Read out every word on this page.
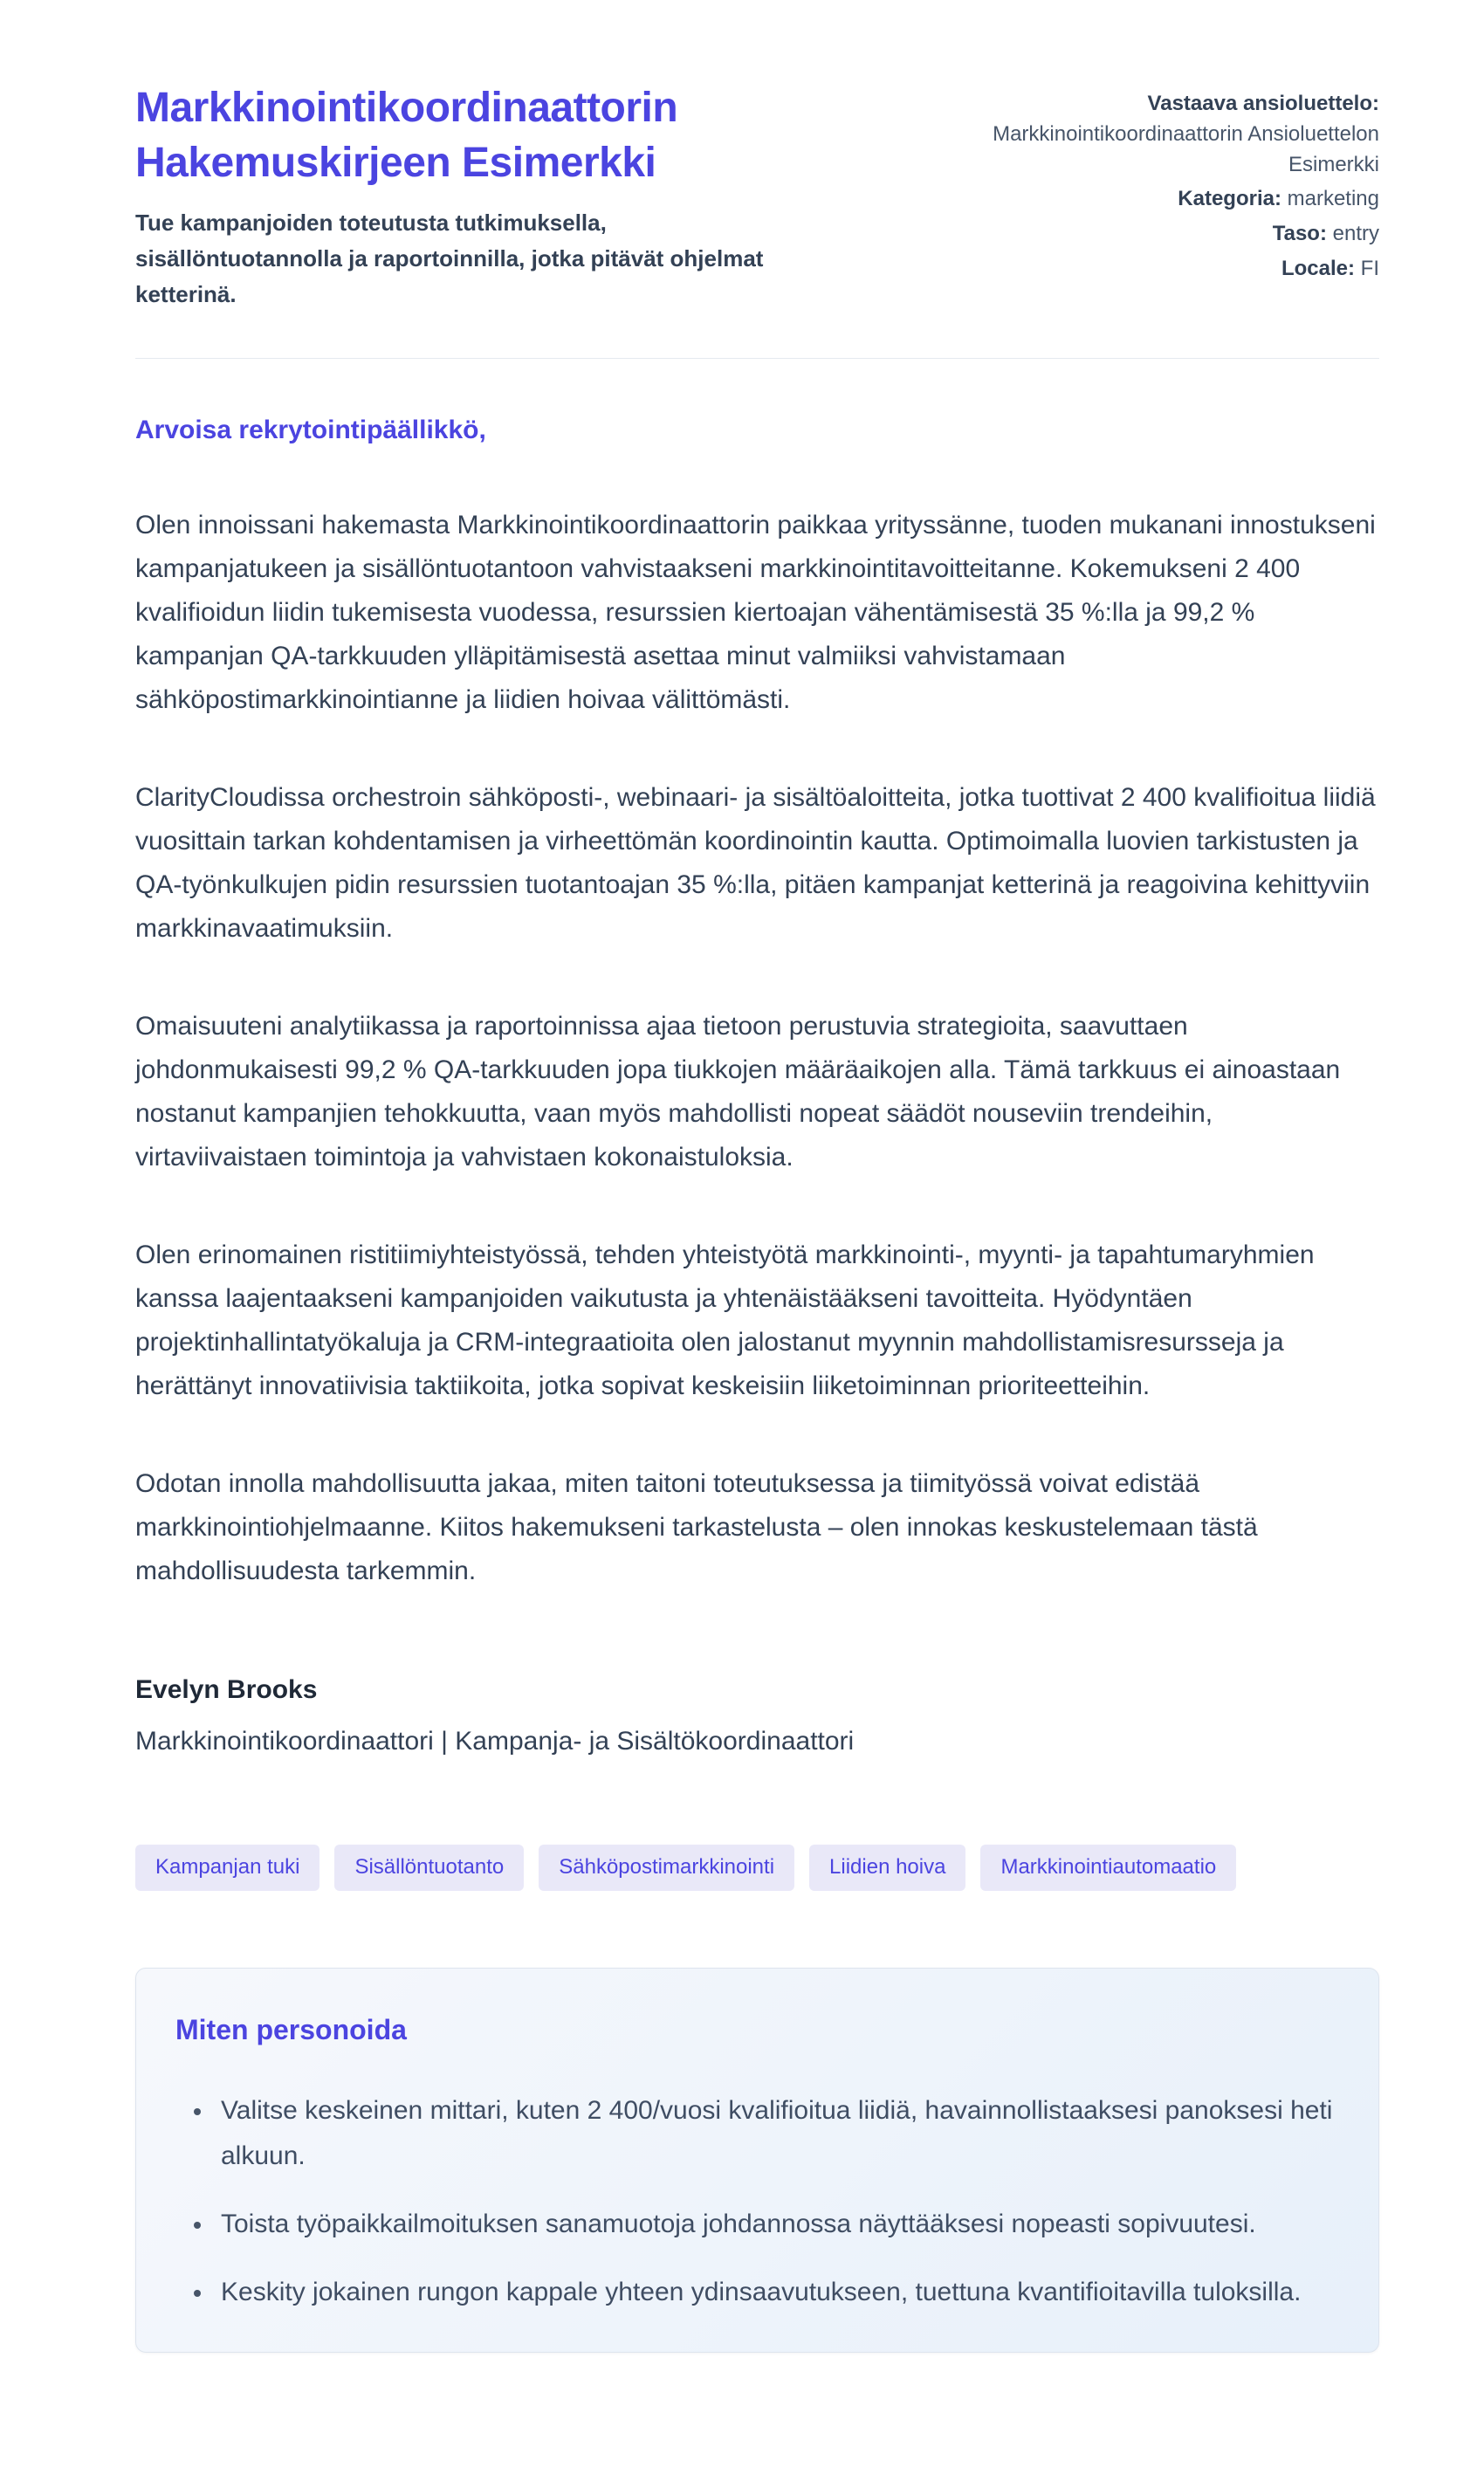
Markkinointikoordinaattorin Hakemuskirjeen Esimerkki

Tue kampanjoiden toteutusta tutkimuksella, sisällöntuotannolla ja raportoinnilla, jotka pitävät ohjelmat ketterinä.

Vastaava ansioluettelo: Markkinointikoordinaattorin Ansioluettelon Esimerkki
Kategoria: marketing
Taso: entry
Locale: FI

Arvoisa rekrytointipäällikkö,

Olen innoissani hakemasta Markkinointikoordinaattorin paikkaa yrityssänne, tuoden mukanani innostukseni kampanjatukeen ja sisällöntuotantoon vahvistaakseni markkinointitavoitteitanne. Kokemukseni 2 400 kvalifioidun liidin tukemisesta vuodessa, resurssien kiertoajan vähentämisestä 35 %:lla ja 99,2 % kampanjan QA-tarkkuuden ylläpitämisestä asettaa minut valmiiksi vahvistamaan sähköpostimarkkinointianne ja liidien hoivaa välittömästi.

ClarityCloudissa orchestroin sähköposti-, webinaari- ja sisältöaloitteita, jotka tuottivat 2 400 kvalifioitua liidiä vuosittain tarkan kohdentamisen ja virheettömän koordinointin kautta. Optimoimalla luovien tarkistusten ja QA-työnkulkujen pidin resurssien tuotantoajan 35 %:lla, pitäen kampanjat ketterinä ja reagoivina kehittyviin markkinavaatimuksiin.

Omaisuuteni analytiikassa ja raportoinnissa ajaa tietoon perustuvia strategioita, saavuttaen johdonmukaisesti 99,2 % QA-tarkkuuden jopa tiukkojen määräaikojen alla. Tämä tarkkuus ei ainoastaan nostanut kampanjien tehokkuutta, vaan myös mahdollisti nopeat säädöt nouseviin trendeihin, virtaviivaistaen toimintoja ja vahvistaen kokonaistuloksia.

Olen erinomainen ristitiimiyhteistyössä, tehden yhteistyötä markkinointi-, myynti- ja tapahtumaryhmien kanssa laajentaakseni kampanjoiden vaikutusta ja yhtenäistääkseni tavoitteita. Hyödyntäen projektinhallintatyökaluja ja CRM-integraatioita olen jalostanut myynnin mahdollistamisresursseja ja herättänyt innovatiivisia taktiikoita, jotka sopivat keskeisiin liiketoiminnan prioriteetteihin.

Odotan innolla mahdollisuutta jakaa, miten taitoni toteutuksessa ja tiimityössä voivat edistää markkinointiohjelmaanne. Kiitos hakemukseni tarkastelusta – olen innokas keskustelemaan tästä mahdollisuudesta tarkemmin.

Evelyn Brooks

Markkinointikoordinaattori | Kampanja- ja Sisältökoordinaattori

Kampanjan tuki	Sisällöntuotanto	Sähköpostimarkkinointi	Liidien hoiva	Markkinointiautomaatio
Miten personoida
• Valitse keskeinen mittari, kuten 2 400/vuosi kvalifioitua liidiä, havainnollistaaksesi panoksesi heti alkuun.
• Toista työpaikkailmoituksen sanamuotoja johdannossa näyttääksesi nopeasti sopivuutesi.
• Keskity jokainen rungon kappale yhteen ydinsaavutukseen, tuettuna kvantifioitavilla tuloksilla.
